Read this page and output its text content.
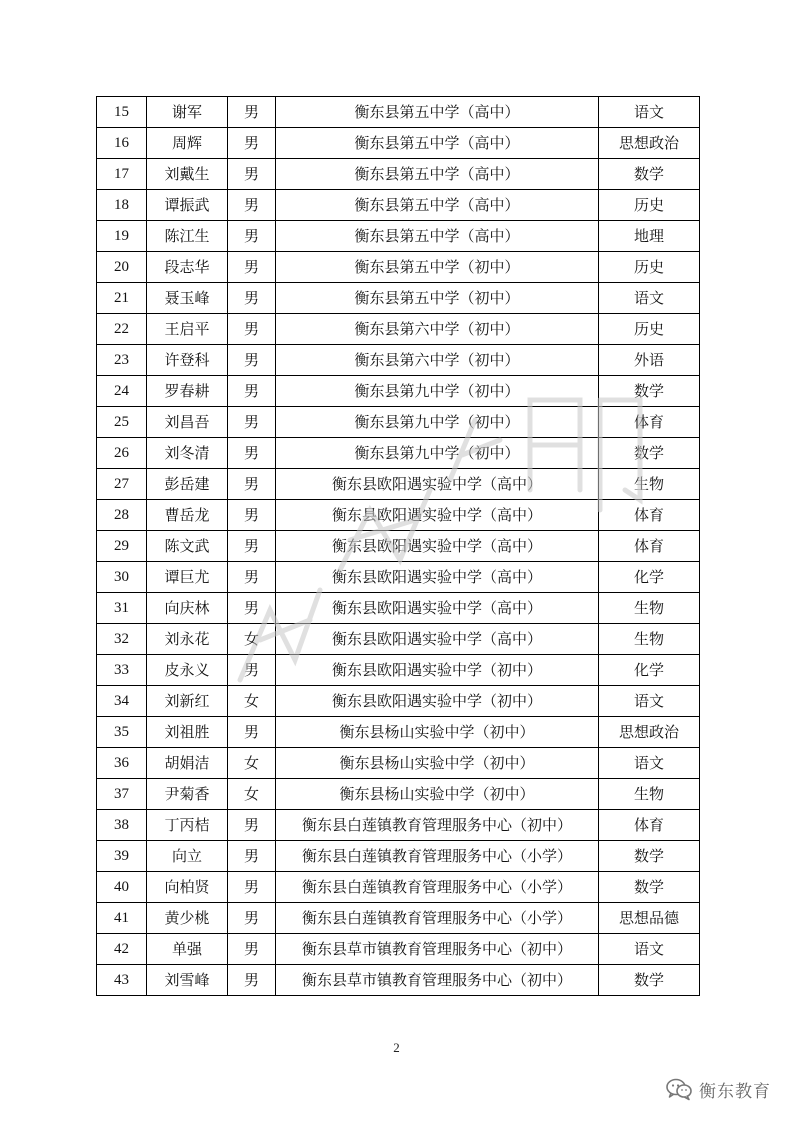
15	谢军	男	衡东县第五中学（高中）	语文
16	周辉	男	衡东县第五中学（高中）	思想政治
17	刘戴生	男	衡东县第五中学（高中）	数学
18	谭振武	男	衡东县第五中学（高中）	历史
19	陈江生	男	衡东县第五中学（高中）	地理
20	段志华	男	衡东县第五中学（初中）	历史
21	聂玉峰	男	衡东县第五中学（初中）	语文
22	王启平	男	衡东县第六中学（初中）	历史
23	许登科	男	衡东县第六中学（初中）	外语
24	罗春耕	男	衡东县第九中学（初中）	数学
25	刘昌吾	男	衡东县第九中学（初中）	体育
26	刘冬清	男	衡东县第九中学（初中）	数学
27	彭岳建	男	衡东县欧阳遇实验中学（高中）	生物
28	曹岳龙	男	衡东县欧阳遇实验中学（高中）	体育
29	陈文武	男	衡东县欧阳遇实验中学（高中）	体育
30	谭巨尤	男	衡东县欧阳遇实验中学（高中）	化学
31	向庆林	男	衡东县欧阳遇实验中学（高中）	生物
32	刘永花	女	衡东县欧阳遇实验中学（高中）	生物
33	皮永义	男	衡东县欧阳遇实验中学（初中）	化学
34	刘新红	女	衡东县欧阳遇实验中学（初中）	语文
35	刘祖胜	男	衡东县杨山实验中学（初中）	思想政治
36	胡娟洁	女	衡东县杨山实验中学（初中）	语文
37	尹菊香	女	衡东县杨山实验中学（初中）	生物
38	丁丙桔	男	衡东县白莲镇教育管理服务中心（初中）	体育
39	向立	男	衡东县白莲镇教育管理服务中心（小学）	数学
40	向柏贤	男	衡东县白莲镇教育管理服务中心（小学）	数学
41	黄少桃	男	衡东县白莲镇教育管理服务中心（小学）	思想品德
42	单强	男	衡东县草市镇教育管理服务中心（初中）	语文
43	刘雪峰	男	衡东县草市镇教育管理服务中心（初中）	数学
2
衡东教育
